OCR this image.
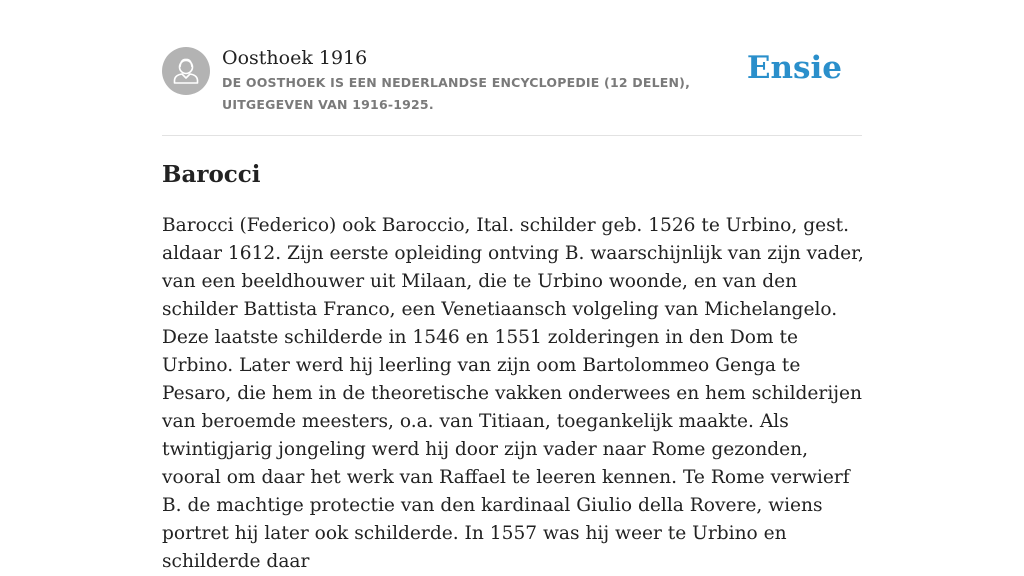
Oosthoek 1916
DE OOSTHOEK IS EEN NEDERLANDSE ENCYCLOPEDIE (12 DELEN), UITGEGEVEN VAN 1916-1925.
Ensie
Barocci

Barocci (Federico) ook Baroccio, Ital. schilder geb. 1526 te Urbino, gest. aldaar 1612. Zijn eerste opleiding ontving B. waarschijnlijk van zijn vader, van een beeldhouwer uit Milaan, die te Urbino woonde, en van den schilder Battista Franco, een Venetiaansch volgeling van Michelangelo. Deze laatste schilderde in 1546 en 1551 zolderingen in den Dom te Urbino. Later werd hij leerling van zijn oom Bartolommeo Genga te Pesaro, die hem in de theoretische vakken onderwees en hem schilderijen van beroemde meesters, o.a. van Titiaan, toegankelijk maakte. Als twintigjarig jongeling werd hij door zijn vader naar Rome gezonden, vooral om daar het werk van Raffael te leeren kennen. Te Rome verwierf B. de machtige protectie van den kardinaal Giulio della Rovere, wiens portret hij later ook schilderde. In 1557 was hij weer te Urbino en schilderde daar
